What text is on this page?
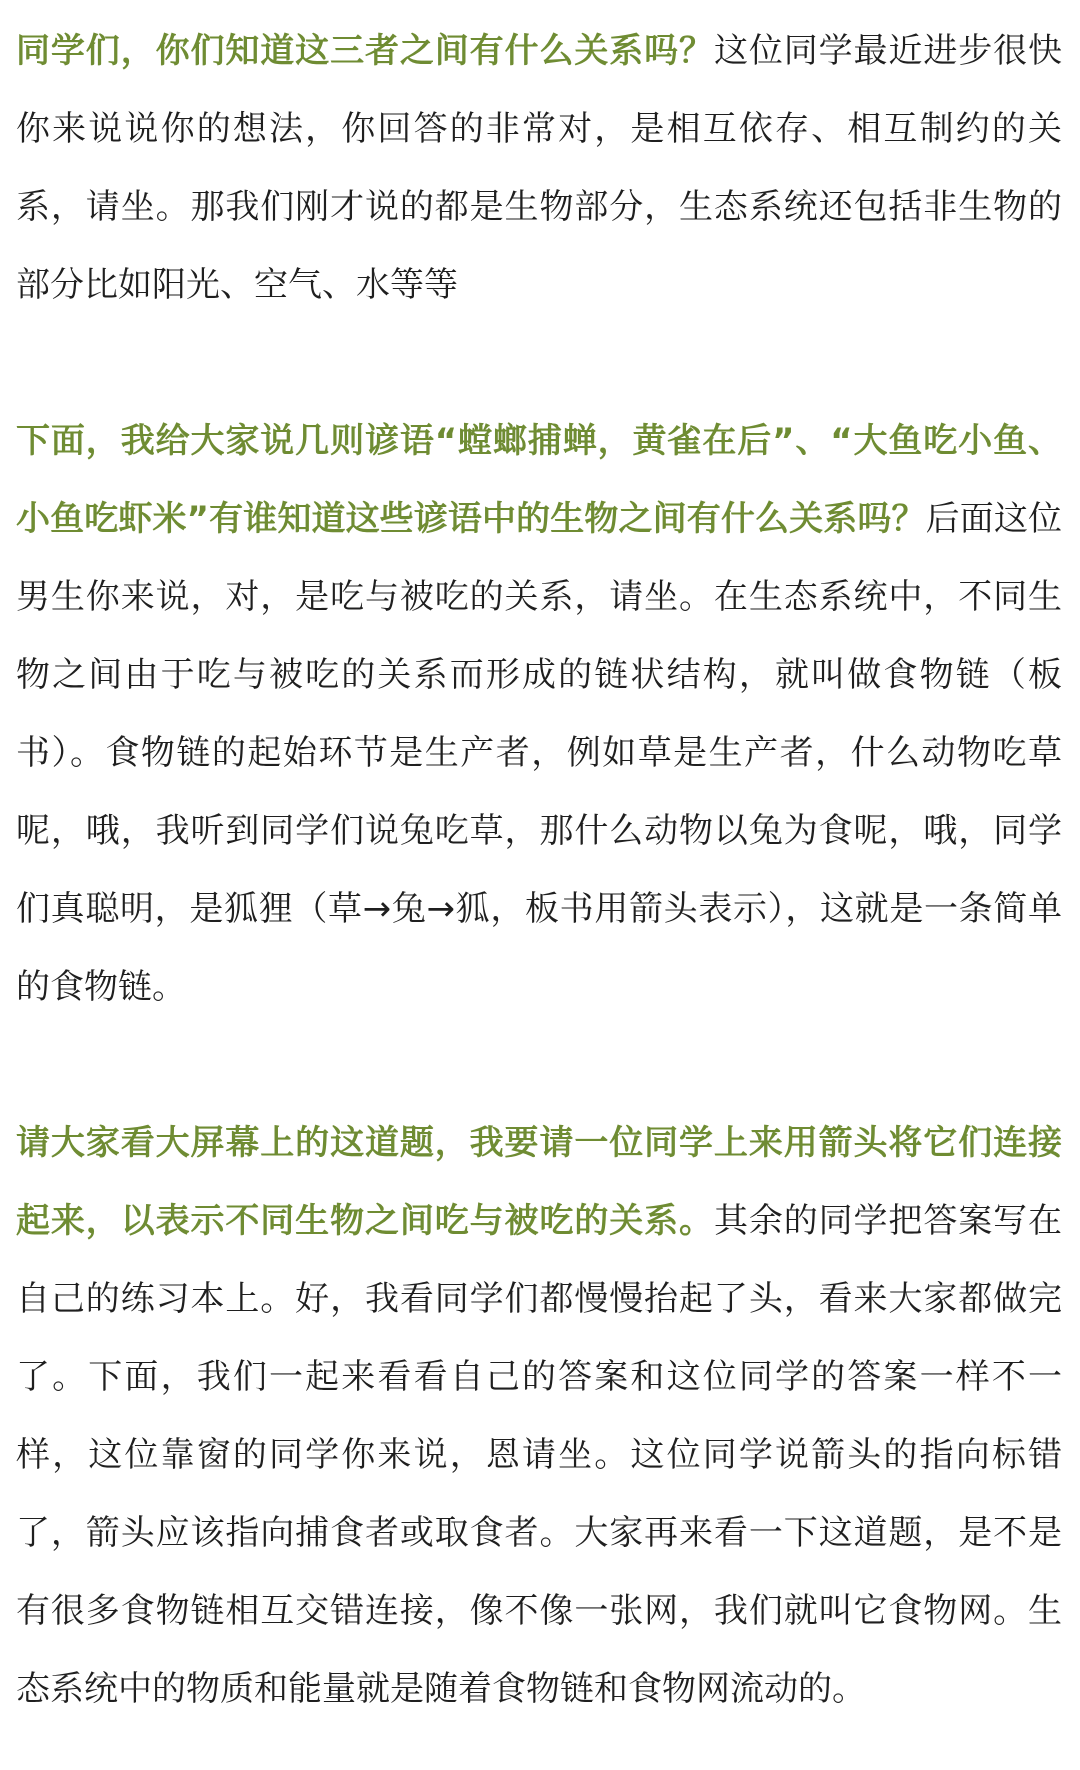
同学们，你们知道这三者之间有什么关系吗？这位同学最近进步很快你来说说你的想法，你回答的非常对，是相互依存、相互制约的关系，请坐。那我们刚才说的都是生物部分，生态系统还包括非生物的部分比如阳光、空气、水等等

下面，我给大家说几则谚语“螳螂捕蝉，黄雀在后”、“大鱼吃小鱼、小鱼吃虾米”有谁知道这些谚语中的生物之间有什么关系吗？后面这位男生你来说，对，是吃与被吃的关系，请坐。在生态系统中，不同生物之间由于吃与被吃的关系而形成的链状结构，就叫做食物链（板书）。食物链的起始环节是生产者，例如草是生产者，什么动物吃草呢，哦，我听到同学们说兔吃草，那什么动物以兔为食呢，哦，同学们真聪明，是狐狸（草→兔→狐，板书用箭头表示），这就是一条简单的食物链。

请大家看大屏幕上的这道题，我要请一位同学上来用箭头将它们连接起来，以表示不同生物之间吃与被吃的关系。其余的同学把答案写在自己的练习本上。好，我看同学们都慢慢抬起了头，看来大家都做完了。下面，我们一起来看看自己的答案和这位同学的答案一样不一样，这位靠窗的同学你来说，恩请坐。这位同学说箭头的指向标错了，箭头应该指向捕食者或取食者。大家再来看一下这道题，是不是有很多食物链相互交错连接，像不像一张网，我们就叫它食物网。生态系统中的物质和能量就是随着食物链和食物网流动的。
